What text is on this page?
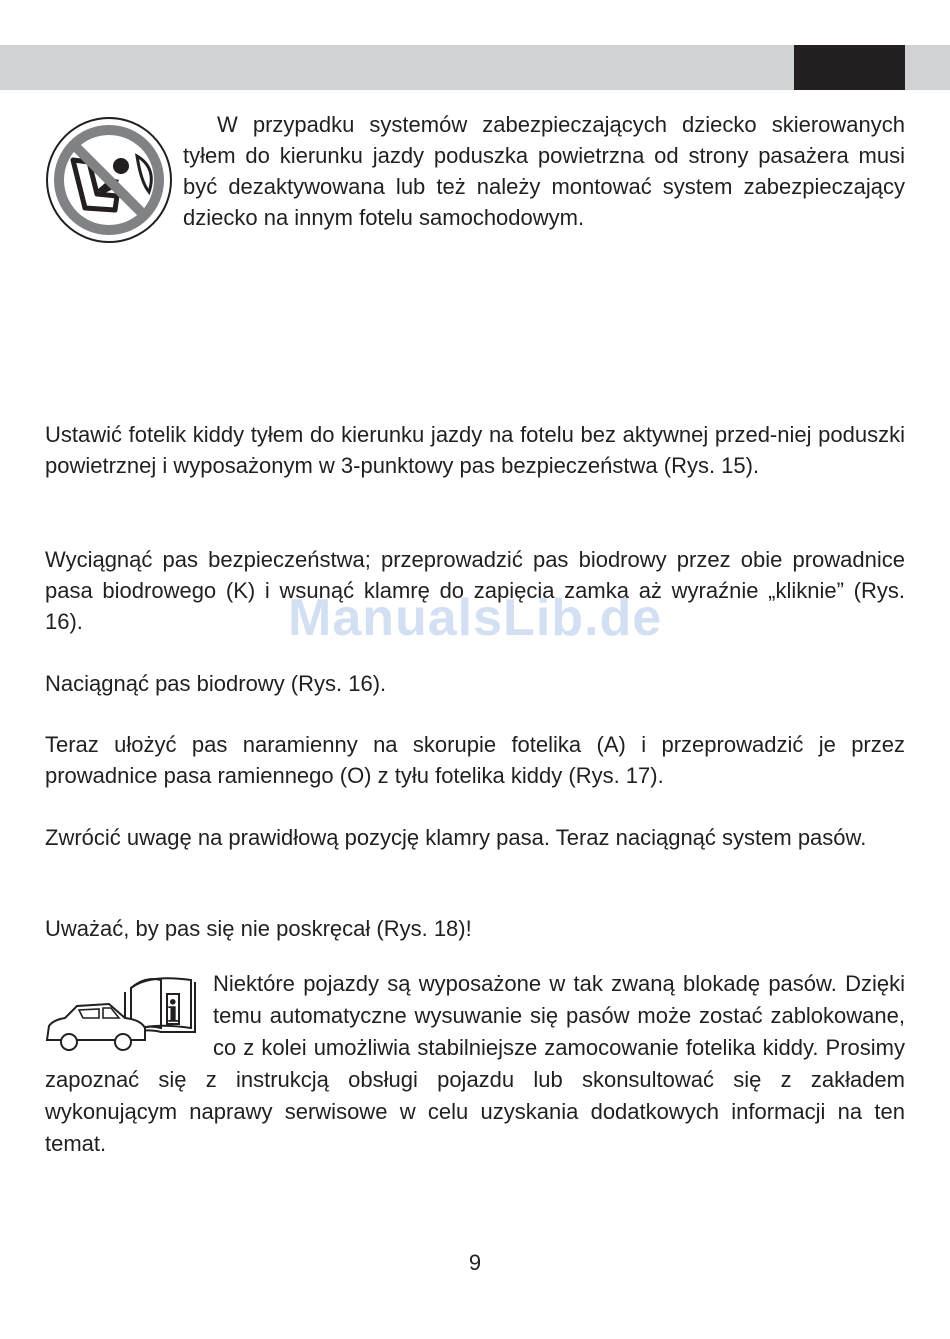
W przypadku systemów zabezpieczających dziecko skierowanych tyłem do kierunku jazdy poduszka powietrzna od strony pasażera musi być dezaktywowana lub też należy montować system zabezpieczający dziecko na innym fotelu samochodowym.

Ustawić fotelik kiddy tyłem do kierunku jazdy na fotelu bez aktywnej przed-niej poduszki powietrznej i wyposażonym w 3-punktowy pas bezpieczeństwa (Rys. 15).

Wyciągnąć pas bezpieczeństwa; przeprowadzić pas biodrowy przez obie prowadnice pasa biodrowego (K) i wsunąć klamrę do zapięcia zamka aż wyraźnie „kliknie” (Rys. 16).

Naciągnąć pas biodrowy (Rys. 16).

Teraz ułożyć pas naramienny na skorupie fotelika (A) i przeprowadzić je przez prowadnice pasa ramiennego (O) z tyłu fotelika kiddy (Rys. 17).

Zwrócić uwagę na prawidłową pozycję klamry pasa. Teraz naciągnąć system pasów.

Uważać, by pas się nie poskręcał (Rys. 18)!

i
Niektóre pojazdy są wyposażone w tak zwaną blokadę pasów. Dzięki temu automatyczne wysuwanie się pasów może zostać zablokowane, co z kolei umożliwia stabilniejsze zamocowanie fotelika kiddy. Prosimy zapoznać się z instrukcją obsługi pojazdu lub skonsultować się z zakładem wykonującym naprawy serwisowe w celu uzyskania dodatkowych informacji na ten temat.
ManualsLib.de
9
